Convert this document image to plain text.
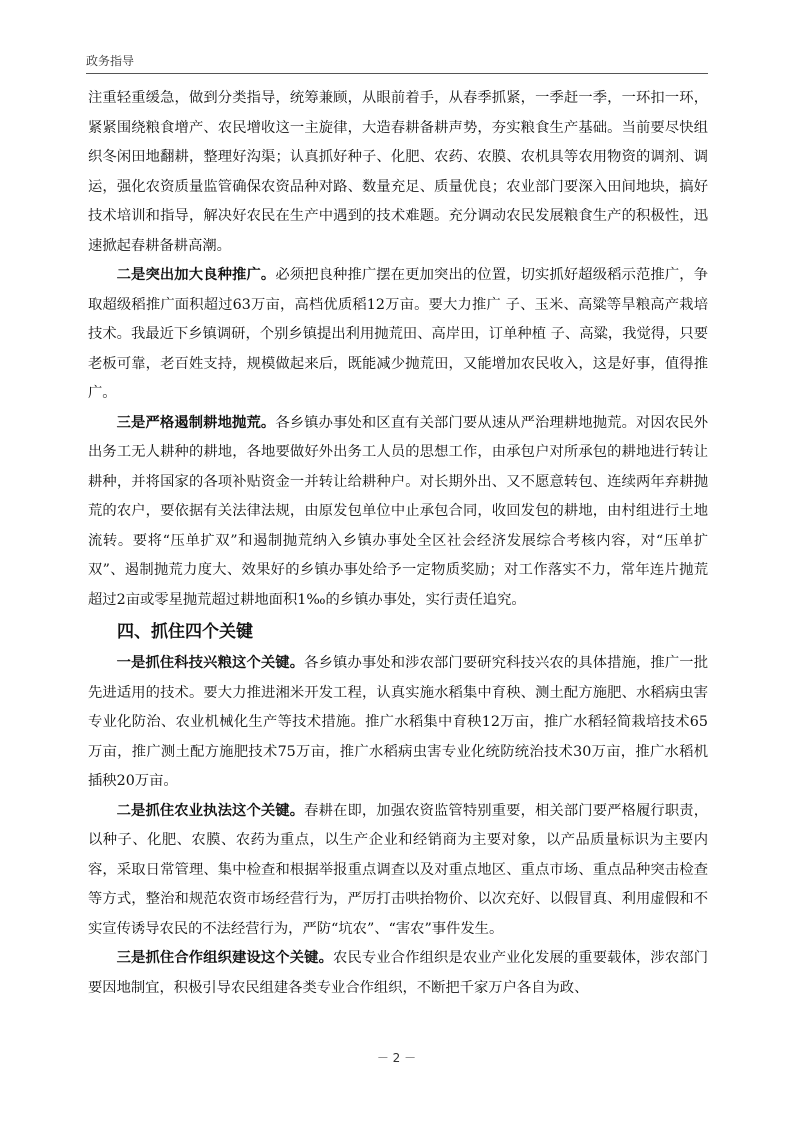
政务指导

注重轻重缓急，做到分类指导，统筹兼顾，从眼前着手，从春季抓紧，一季赶一季，一环扣一环，紧紧围绕粮食增产、农民增收这一主旋律，大造春耕备耕声势，夯实粮食生产基础。当前要尽快组织冬闲田地翻耕，整理好沟渠；认真抓好种子、化肥、农药、农膜、农机具等农用物资的调剂、调运，强化农资质量监管确保农资品种对路、数量充足、质量优良；农业部门要深入田间地块，搞好技术培训和指导，解决好农民在生产中遇到的技术难题。充分调动农民发展粮食生产的积极性，迅速掀起春耕备耕高潮。

二是突出加大良种推广。必须把良种推广摆在更加突出的位置，切实抓好超级稻示范推广，争取超级稻推广面积超过63万亩，高档优质稻12万亩。要大力推广 子、玉米、高粱等旱粮高产栽培技术。我最近下乡镇调研，个别乡镇提出利用抛荒田、高岸田，订单种植 子、高粱，我觉得，只要老板可靠，老百姓支持，规模做起来后，既能减少抛荒田，又能增加农民收入，这是好事，值得推广。

三是严格遏制耕地抛荒。各乡镇办事处和区直有关部门要从速从严治理耕地抛荒。对因农民外出务工无人耕种的耕地，各地要做好外出务工人员的思想工作，由承包户对所承包的耕地进行转让耕种，并将国家的各项补贴资金一并转让给耕种户。对长期外出、又不愿意转包、连续两年弃耕抛荒的农户，要依据有关法律法规，由原发包单位中止承包合同，收回发包的耕地，由村组进行土地流转。要将“压单扩双”和遏制抛荒纳入乡镇办事处全区社会经济发展综合考核内容，对“压单扩双”、遏制抛荒力度大、效果好的乡镇办事处给予一定物质奖励；对工作落实不力，常年连片抛荒超过2亩或零星抛荒超过耕地面积1‰的乡镇办事处，实行责任追究。

四、抓住四个关键

一是抓住科技兴粮这个关键。各乡镇办事处和涉农部门要研究科技兴农的具体措施，推广一批先进适用的技术。要大力推进湘米开发工程，认真实施水稻集中育秧、测土配方施肥、水稻病虫害专业化防治、农业机械化生产等技术措施。推广水稻集中育秧12万亩，推广水稻轻简栽培技术65万亩，推广测土配方施肥技术75万亩，推广水稻病虫害专业化统防统治技术30万亩，推广水稻机插秧20万亩。

二是抓住农业执法这个关键。春耕在即，加强农资监管特别重要，相关部门要严格履行职责，以种子、化肥、农膜、农药为重点，以生产企业和经销商为主要对象，以产品质量标识为主要内容，采取日常管理、集中检查和根据举报重点调查以及对重点地区、重点市场、重点品种突击检查等方式，整治和规范农资市场经营行为，严厉打击哄抬物价、以次充好、以假冒真、利用虚假和不实宣传诱导农民的不法经营行为，严防“坑农”、“害农”事件发生。

三是抓住合作组织建设这个关键。农民专业合作组织是农业产业化发展的重要载体，涉农部门要因地制宜，积极引导农民组建各类专业合作组织，不断把千家万户各自为政、

－ 2 －
